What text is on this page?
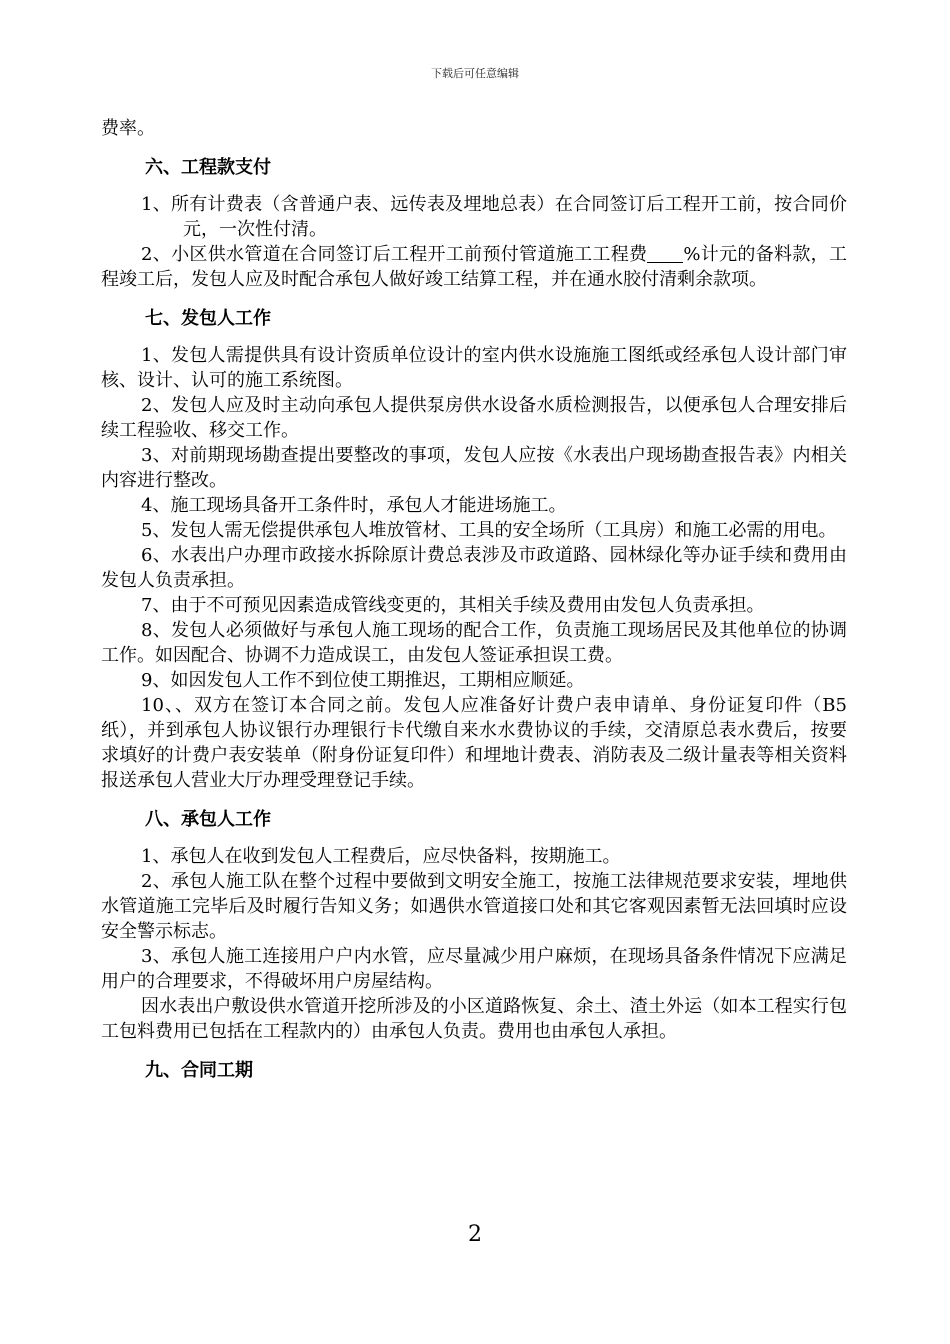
下载后可任意编辑

费率。

六、工程款支付

1、所有计费表（含普通户表、远传表及埋地总表）在合同签订后工程开工前，按合同价元，一次性付清。

2、小区供水管道在合同签订后工程开工前预付管道施工工程费 %计元的备料款，工程竣工后，发包人应及时配合承包人做好竣工结算工程，并在通水胶付清剩余款项。

七、发包人工作

1、发包人需提供具有设计资质单位设计的室内供水设施施工图纸或经承包人设计部门审核、设计、认可的施工系统图。

2、发包人应及时主动向承包人提供泵房供水设备水质检测报告，以便承包人合理安排后续工程验收、移交工作。

3、对前期现场勘查提出要整改的事项，发包人应按《水表出户现场勘查报告表》内相关内容进行整改。

4、施工现场具备开工条件时，承包人才能进场施工。

5、发包人需无偿提供承包人堆放管材、工具的安全场所（工具房）和施工必需的用电。

6、水表出户办理市政接水拆除原计费总表涉及市政道路、园林绿化等办证手续和费用由发包人负责承担。

7、由于不可预见因素造成管线变更的，其相关手续及费用由发包人负责承担。

8、发包人必须做好与承包人施工现场的配合工作，负责施工现场居民及其他单位的协调工作。如因配合、协调不力造成误工，由发包人签证承担误工费。

9、如因发包人工作不到位使工期推迟，工期相应顺延。

10、、双方在签订本合同之前。发包人应准备好计费户表申请单、身份证复印件（B5纸），并到承包人协议银行办理银行卡代缴自来水水费协议的手续，交清原总表水费后，按要求填好的计费户表安装单（附身份证复印件）和埋地计费表、消防表及二级计量表等相关资料报送承包人营业大厅办理受理登记手续。

八、承包人工作

1、承包人在收到发包人工程费后，应尽快备料，按期施工。

2、承包人施工队在整个过程中要做到文明安全施工，按施工法律规范要求安装，埋地供水管道施工完毕后及时履行告知义务；如遇供水管道接口处和其它客观因素暂无法回填时应设安全警示标志。

3、承包人施工连接用户户内水管，应尽量减少用户麻烦，在现场具备条件情况下应满足用户的合理要求，不得破坏用户房屋结构。

因水表出户敷设供水管道开挖所涉及的小区道路恢复、余土、渣土外运（如本工程实行包工包料费用已包括在工程款内的）由承包人负责。费用也由承包人承担。

九、合同工期
2
